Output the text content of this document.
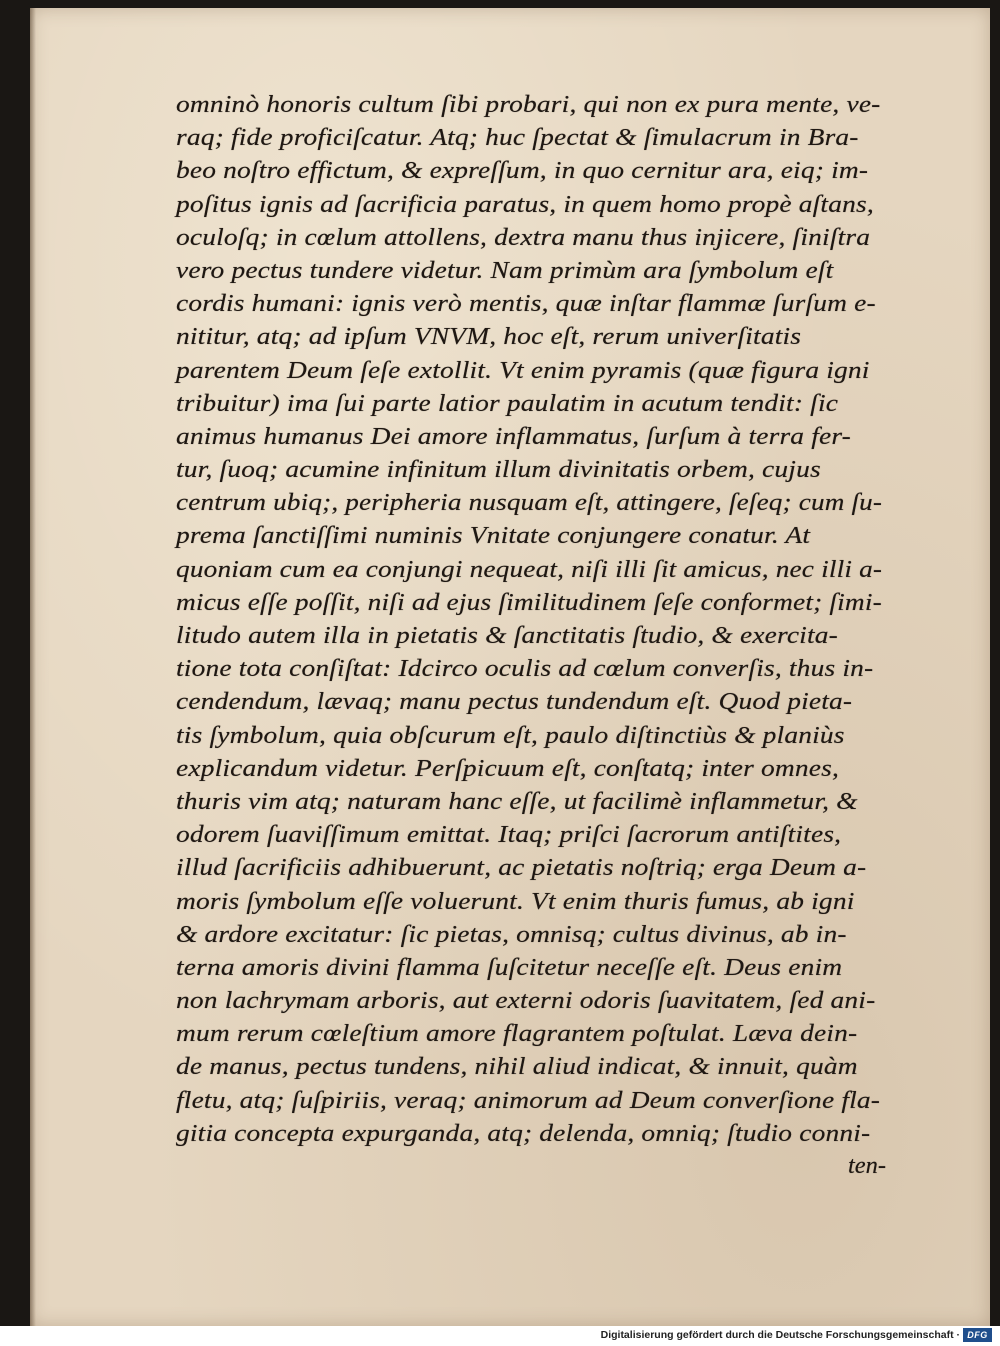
omninò honoris cultum ſibi probari, qui non ex pura mente, ve-
raq; fide proficiſcatur. Atq; huc ſpectat & ſimulacrum in Bra-
beo noſtro effictum, & expreſſum, in quo cernitur ara, eiq; im-
poſitus ignis ad ſacrificia paratus, in quem homo propè aſtans,
oculoſq; in cœlum attollens, dextra manu thus injicere, ſiniſtra
vero pectus tundere videtur. Nam primùm ara ſymbolum eſt
cordis humani: ignis verò mentis, quæ inſtar flammæ ſurſum e-
nititur, atq; ad ipſum VNVM, hoc eſt, rerum univerſitatis
parentem Deum ſeſe extollit. Vt enim pyramis (quæ figura igni
tribuitur) ima ſui parte latior paulatim in acutum tendit: ſic
animus humanus Dei amore inflammatus, ſurſum à terra fer-
tur, ſuoq; acumine infinitum illum divinitatis orbem, cujus
centrum ubiq;, peripheria nusquam eſt, attingere, ſeſeq; cum ſu-
prema ſanctiſſimi numinis Vnitate conjungere conatur. At
quoniam cum ea conjungi nequeat, niſi illi ſit amicus, nec illi a-
micus eſſe poſſit, niſi ad ejus ſimilitudinem ſeſe conformet; ſimi-
litudo autem illa in pietatis & ſanctitatis ſtudio, & exercita-
tione tota conſiſtat: Idcirco oculis ad cœlum converſis, thus in-
cendendum, lævaq; manu pectus tundendum eſt. Quod pieta-
tis ſymbolum, quia obſcurum eſt, paulo diſtinctiùs & planiùs
explicandum videtur. Perſpicuum eſt, conſtatq; inter omnes,
thuris vim atq; naturam hanc eſſe, ut facilimè inflammetur, &
odorem ſuaviſſimum emittat. Itaq; priſci ſacrorum antiſtites,
illud ſacrificiis adhibuerunt, ac pietatis noſtriq; erga Deum a-
moris ſymbolum eſſe voluerunt. Vt enim thuris fumus, ab igni
& ardore excitatur: ſic pietas, omnisq; cultus divinus, ab in-
terna amoris divini flamma ſuſcitetur neceſſe eſt. Deus enim
non lachrymam arboris, aut externi odoris ſuavitatem, ſed ani-
mum rerum cœleſtium amore flagrantem poſtulat. Læva dein-
de manus, pectus tundens, nihil aliud indicat, & innuit, quàm
fletu, atq; ſuſpiriis, veraq; animorum ad Deum converſione fla-
gitia concepta expurganda, atq; delenda, omniq; ſtudio conni-
ten-
Digitalisierung gefördert durch die Deutsche Forschungsgemeinschaft · DFG
